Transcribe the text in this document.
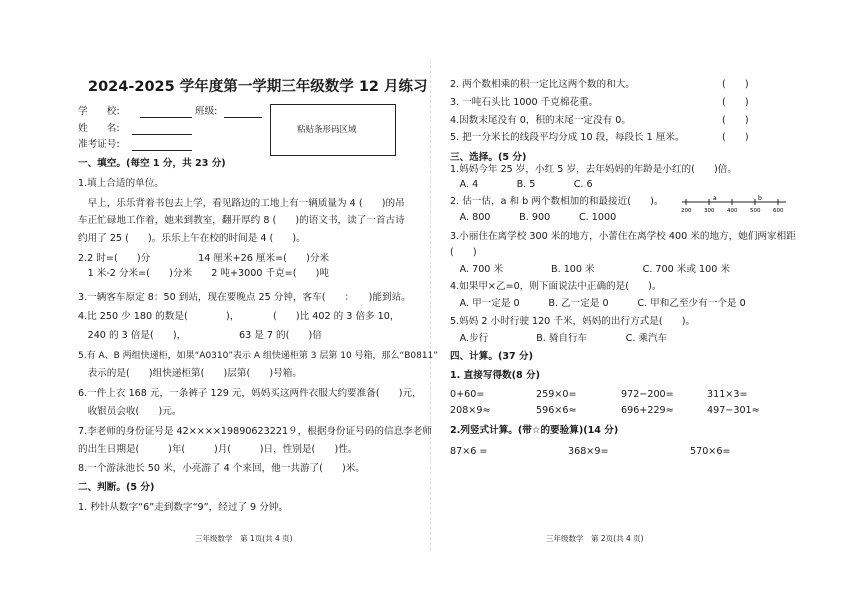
2024-2025 学年度第一学期三年级数学 12 月练习
学　　校:	班级:
姓　　名:
准考证号:
粘贴条形码区域
一、填空。(每空 1 分，共 23 分)
1.填上合适的单位。
　早上，乐乐背着书包去上学，看见路边的工地上有一辆质量为 4 (　　)的吊
车正忙碌地工作着，她来到教室，翻开厚约 8 (　　)的语文书，读了一首古诗
约用了 25 (　　)。乐乐上午在校的时间是 4 (　　)。
2.2 时=(　　)分　　　　　14 厘米+26 厘米=(　　)分米
　1 米-2 分米=(　　)分米　　2 吨+3000 千克=(　　)吨
3.一辆客车原定 8：50 到站，现在要晚点 25 分钟，客车(　　：　　)能到站。
4.比 250 少 180 的数是(　　　　)，　　　　(　　)比 402 的 3 倍多 10，
　240 的 3 倍是(　　)，　　　　　　63 是 7 的(　　)倍
5.有 A、B 两组快递柜，如果“A0310”表示 A 组快递柜第 3 层第 10 号箱，那么“B0811”
　表示的是(　　)组快递柜第(　　)层第(　　)号箱。
6.一件上衣 168 元，一条裤子 129 元，妈妈买这两件衣服大约要准备(　　)元，
　收银员会收(　　)元。
7.李老师的身份证号是 42××××19890623221９，根据身份证号码的信息李老师
的出生日期是(　　　)年(　　　)月(　　　)日，性别是(　　)性。
8.一个游泳池长 50 米，小亮游了 4 个来回，他一共游了(　　)米。
二、判断。(5 分)
1. 秒针从数字“6”走到数字“9”，经过了 9 分钟。
三年级数学　第 1页(共 4 页)
2. 两个数相乘的积一定比这两个数的和大。	(　　)
3. 一吨石头比 1000 千克棉花重。	(　　)
4.因数末尾没有 0，积的末尾一定没有 0。	(　　)
5. 把一分米长的线段平均分成 10 段，每段长 1 厘米。	(　　)
三、选择。(5 分)
1.妈妈今年 25 岁，小红 5 岁，去年妈妈的年龄是小红的(　　)倍。
　A. 4　　　　B. 5　　　　C. 6
2. 估一估，a 和 b 两个数相加的和最接近(　　)。
200 300 400 500 600
a	b
　A. 800　　　B. 900　　　C. 1000
3.小丽住在离学校 300 米的地方，小蕾住在离学校 400 米的地方，她们两家相距
(　　)
　A. 700 米　　　　　B. 100 米　　　　　C. 700 米或 100 米
4.如果甲×乙=0，则下面说法中正确的是(　　)。
　A. 甲一定是 0　　　B. 乙一定是 0　　　C. 甲和乙至少有一个是 0
5.妈妈 2 小时行驶 120 千米，妈妈的出行方式是(　　)。
　A.步行　　　　　B. 骑自行车　　　　C. 乘汽车
四、计算。(37 分)
1. 直接写得数(8 分)
0+60=	259×0=	972−200=	311×3=
208×9≈	596×6≈	696+229≈	497−301≈
2.列竖式计算。(带☆的要验算)(14 分)
87×6 =	368×9=	570×6=
三年级数学　第 2页(共 4 页)
